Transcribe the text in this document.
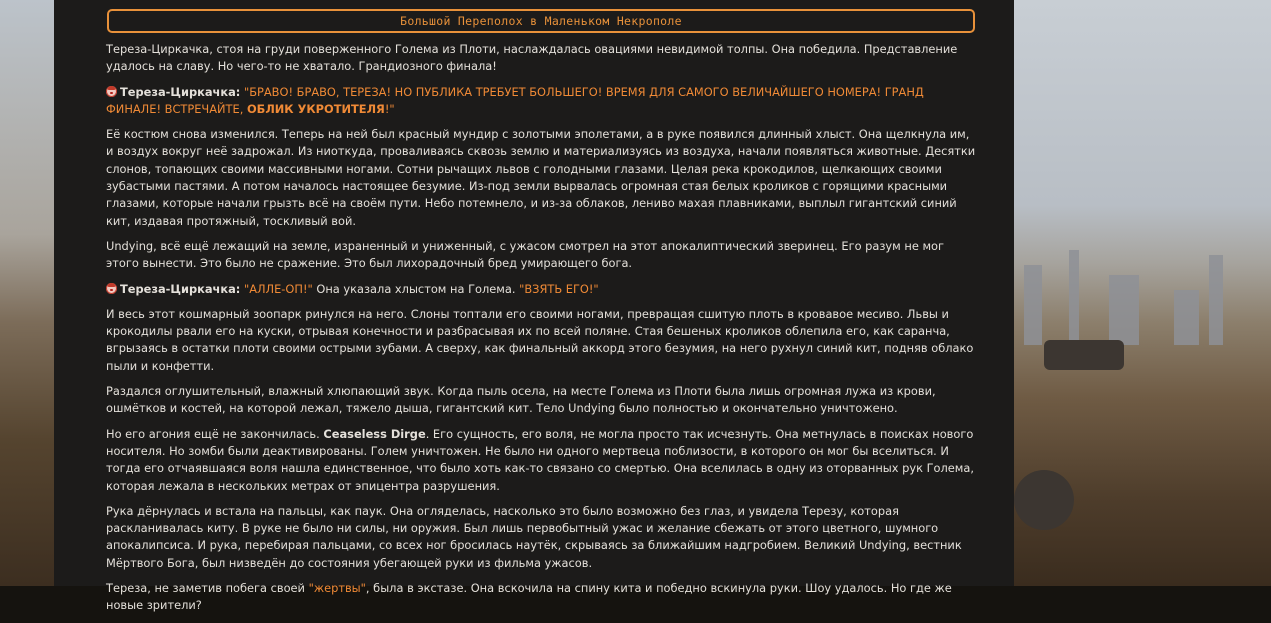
Большой Переполох в Маленьком Некрополе

Тереза-Циркачка, стоя на груди поверженного Голема из Плоти, наслаждалась овациями невидимой толпы. Она победила. Представление удалось на славу. Но чего-то не хватало. Грандиозного финала!

Тереза-Циркачка: "БРАВО! БРАВО, ТЕРЕЗА! НО ПУБЛИКА ТРЕБУЕТ БОЛЬШЕГО! ВРЕМЯ ДЛЯ САМОГО ВЕЛИЧАЙШЕГО НОМЕРА! ГРАНД ФИНАЛЕ! ВСТРЕЧАЙТЕ, ОБЛИК УКРОТИТЕЛЯ!"

Её костюм снова изменился. Теперь на ней был красный мундир с золотыми эполетами, а в руке появился длинный хлыст. Она щелкнула им, и воздух вокруг неё задрожал. Из ниоткуда, проваливаясь сквозь землю и материализуясь из воздуха, начали появляться животные. Десятки слонов, топающих своими массивными ногами. Сотни рычащих львов с голодными глазами. Целая река крокодилов, щелкающих своими зубастыми пастями. А потом началось настоящее безумие. Из-под земли вырвалась огромная стая белых кроликов с горящими красными глазами, которые начали грызть всё на своём пути. Небо потемнело, и из-за облаков, лениво махая плавниками, выплыл гигантский синий кит, издавая протяжный, тоскливый вой.

Undying, всё ещё лежащий на земле, израненный и униженный, с ужасом смотрел на этот апокалиптический зверинец. Его разум не мог этого вынести. Это было не сражение. Это был лихорадочный бред умирающего бога.

Тереза-Циркачка: "АЛЛЕ-ОП!" Она указала хлыстом на Голема. "ВЗЯТЬ ЕГО!"

И весь этот кошмарный зоопарк ринулся на него. Слоны топтали его своими ногами, превращая сшитую плоть в кровавое месиво. Львы и крокодилы рвали его на куски, отрывая конечности и разбрасывая их по всей поляне. Стая бешеных кроликов облепила его, как саранча, вгрызаясь в остатки плоти своими острыми зубами. А сверху, как финальный аккорд этого безумия, на него рухнул синий кит, подняв облако пыли и конфетти.

Раздался оглушительный, влажный хлюпающий звук. Когда пыль осела, на месте Голема из Плоти была лишь огромная лужа из крови, ошмётков и костей, на которой лежал, тяжело дыша, гигантский кит. Тело Undying было полностью и окончательно уничтожено.

Но его агония ещё не закончилась. Ceaseless Dirge. Его сущность, его воля, не могла просто так исчезнуть. Она метнулась в поисках нового носителя. Но зомби были деактивированы. Голем уничтожен. Не было ни одного мертвеца поблизости, в которого он мог бы вселиться. И тогда его отчаявшаяся воля нашла единственное, что было хоть как-то связано со смертью. Она вселилась в одну из оторванных рук Голема, которая лежала в нескольких метрах от эпицентра разрушения.

Рука дёрнулась и встала на пальцы, как паук. Она огляделась, насколько это было возможно без глаз, и увидела Терезу, которая раскланивалась киту. В руке не было ни силы, ни оружия. Был лишь первобытный ужас и желание сбежать от этого цветного, шумного апокалипсиса. И рука, перебирая пальцами, со всех ног бросилась наутёк, скрываясь за ближайшим надгробием. Великий Undying, вестник Мёртвого Бога, был низведён до состояния убегающей руки из фильма ужасов.

Тереза, не заметив побега своей "жертвы", была в экстазе. Она вскочила на спину кита и победно вскинула руки. Шоу удалось. Но где же новые зрители?
